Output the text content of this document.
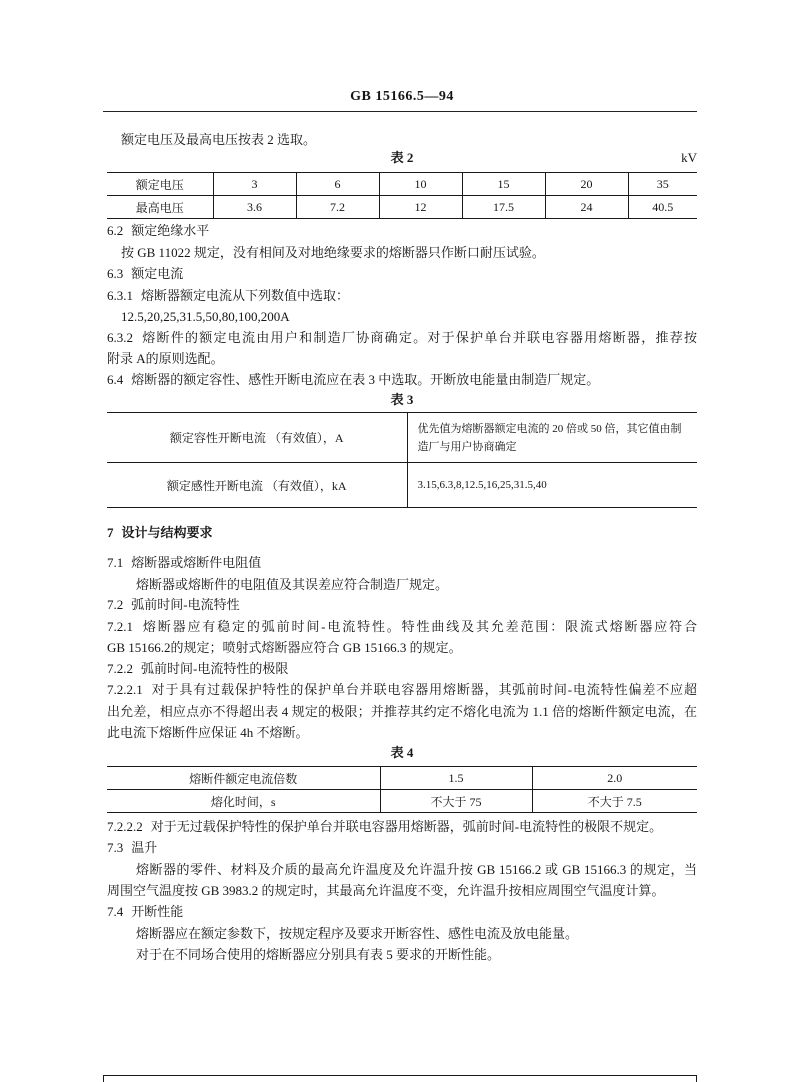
GB 15166.5—94
额定电压及最高电压按表 2 选取。
表 2	kV
额定电压	3	6	10	15	20	35
最高电压	3.6	7.2	12	17.5	24	40.5
6.2 额定绝缘水平
按 GB 11022 规定，没有相间及对地绝缘要求的熔断器只作断口耐压试验。
6.3 额定电流
6.3.1 熔断器额定电流从下列数值中选取：
12.5,20,25,31.5,50,80,100,200A
6.3.2 熔断件的额定电流由用户和制造厂协商确定。对于保护单台并联电容器用熔断器，推荐按
附录 A的原则选配。
6.4 熔断器的额定容性、感性开断电流应在表 3 中选取。开断放电能量由制造厂规定。
表 3
额定容性开断电流 （有效值），A	优先值为熔断器额定电流的 20 倍或 50 倍，其它值由制
造厂与用户协商确定

额定感性开断电流 （有效值），kA	3.15,6.3,8,12.5,16,25,31.5,40
7 设计与结构要求
7.1 熔断器或熔断件电阻值
熔断器或熔断件的电阻值及其误差应符合制造厂规定。
7.2 弧前时间-电流特性
7.2.1 熔断器应有稳定的弧前时间-电流特性。特性曲线及其允差范围：限流式熔断器应符合
GB 15166.2的规定；喷射式熔断器应符合 GB 15166.3 的规定。
7.2.2 弧前时间-电流特性的极限
7.2.2.1 对于具有过载保护特性的保护单台并联电容器用熔断器，其弧前时间-电流特性偏差不应超
出允差，相应点亦不得超出表 4 规定的极限；并推荐其约定不熔化电流为 1.1 倍的熔断件额定电流，在
此电流下熔断件应保证 4h 不熔断。
表 4
熔断件额定电流倍数	1.5	2.0
熔化时间，s	不大于 75	不大于 7.5
7.2.2.2 对于无过载保护特性的保护单台并联电容器用熔断器，弧前时间-电流特性的极限不规定。
7.3 温升
熔断器的零件、材料及介质的最高允许温度及允许温升按 GB 15166.2 或 GB 15166.3 的规定，当
周围空气温度按 GB 3983.2 的规定时，其最高允许温度不变，允许温升按相应周围空气温度计算。
7.4 开断性能
熔断器应在额定参数下，按规定程序及要求开断容性、感性电流及放电能量。
对于在不同场合使用的熔断器应分别具有表 5 要求的开断性能。
